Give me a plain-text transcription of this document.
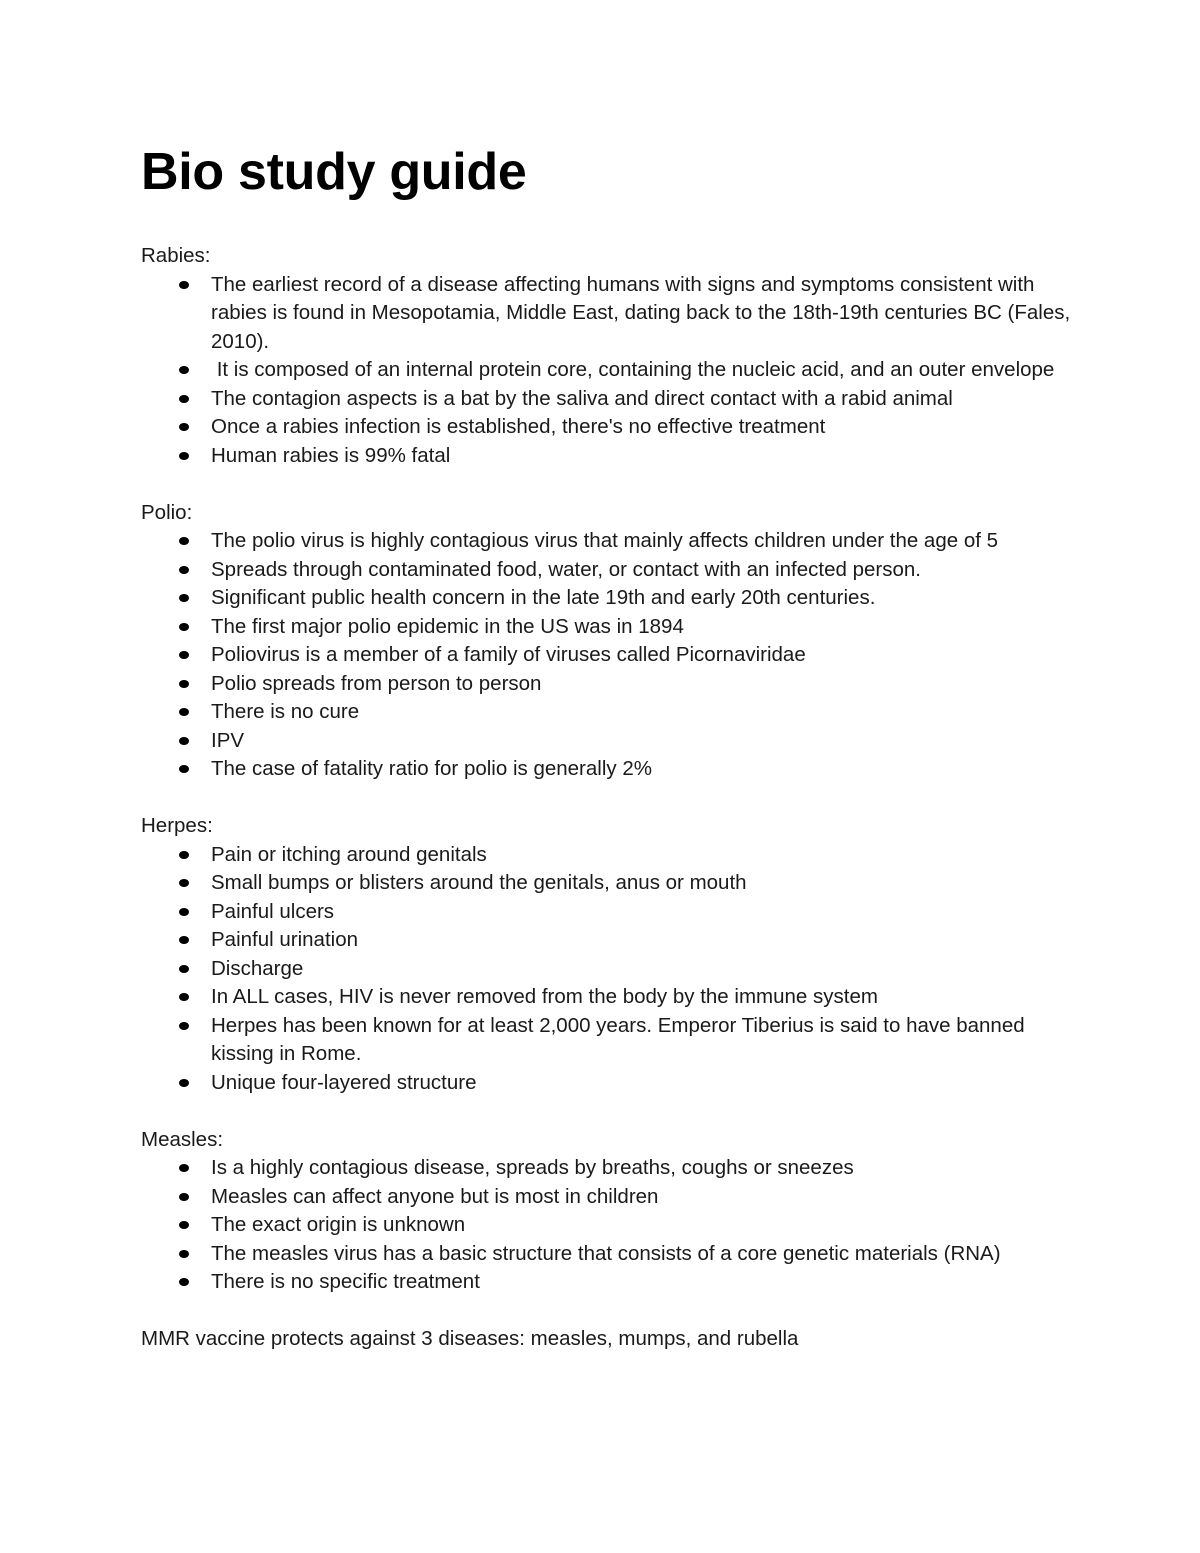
Bio study guide

Rabies:

The earliest record of a disease affecting humans with signs and symptoms consistent with rabies is found in Mesopotamia, Middle East, dating back to the 18th-19th centuries BC (Fales, 2010).
It is composed of an internal protein core, containing the nucleic acid, and an outer envelope
The contagion aspects is a bat by the saliva and direct contact with a rabid animal
Once a rabies infection is established, there's no effective treatment
Human rabies is 99% fatal

Polio:

The polio virus is highly contagious virus that mainly affects children under the age of 5
Spreads through contaminated food, water, or contact with an infected person.
Significant public health concern in the late 19th and early 20th centuries.
The first major polio epidemic in the US was in 1894
Poliovirus is a member of a family of viruses called Picornaviridae
Polio spreads from person to person
There is no cure
IPV
The case of fatality ratio for polio is generally 2%

Herpes:

Pain or itching around genitals
Small bumps or blisters around the genitals, anus or mouth
Painful ulcers
Painful urination
Discharge
In ALL cases, HIV is never removed from the body by the immune system
Herpes has been known for at least 2,000 years. Emperor Tiberius is said to have banned kissing in Rome.
Unique four-layered structure

Measles:

Is a highly contagious disease, spreads by breaths, coughs or sneezes
Measles can affect anyone but is most in children
The exact origin is unknown
The measles virus has a basic structure that consists of a core genetic materials (RNA)
There is no specific treatment

MMR vaccine protects against 3 diseases: measles, mumps, and rubella
